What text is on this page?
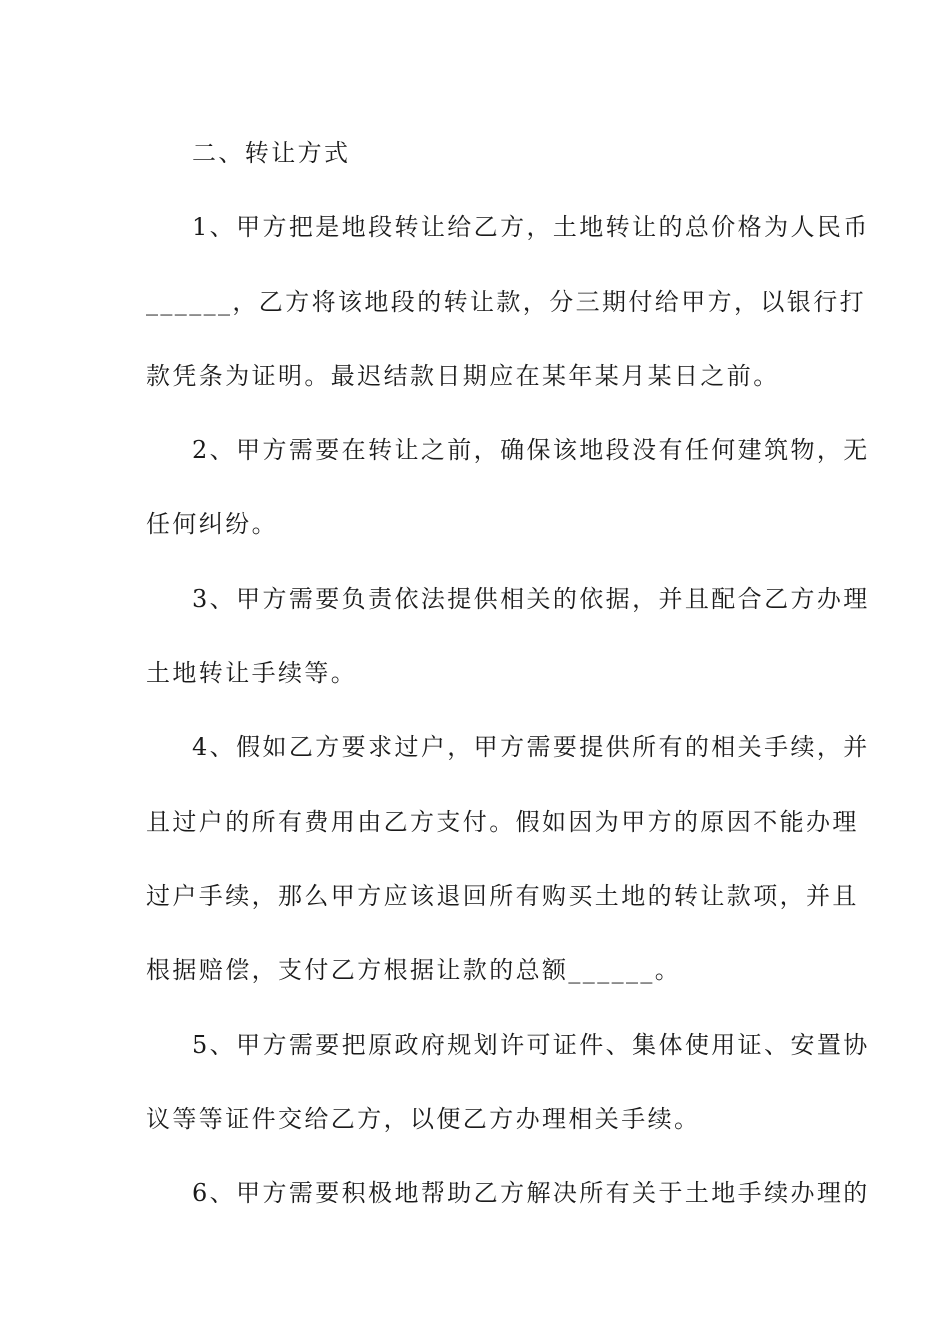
二、转让方式
1、甲方把是地段转让给乙方，土地转让的总价格为人民币
______，乙方将该地段的转让款，分三期付给甲方，以银行打
款凭条为证明。最迟结款日期应在某年某月某日之前。
2、甲方需要在转让之前，确保该地段没有任何建筑物，无
任何纠纷。
3、甲方需要负责依法提供相关的依据，并且配合乙方办理
土地转让手续等。
4、假如乙方要求过户，甲方需要提供所有的相关手续，并
且过户的所有费用由乙方支付。假如因为甲方的原因不能办理
过户手续，那么甲方应该退回所有购买土地的转让款项，并且
根据赔偿，支付乙方根据让款的总额______。
5、甲方需要把原政府规划许可证件、集体使用证、安置协
议等等证件交给乙方，以便乙方办理相关手续。
6、甲方需要积极地帮助乙方解决所有关于土地手续办理的
